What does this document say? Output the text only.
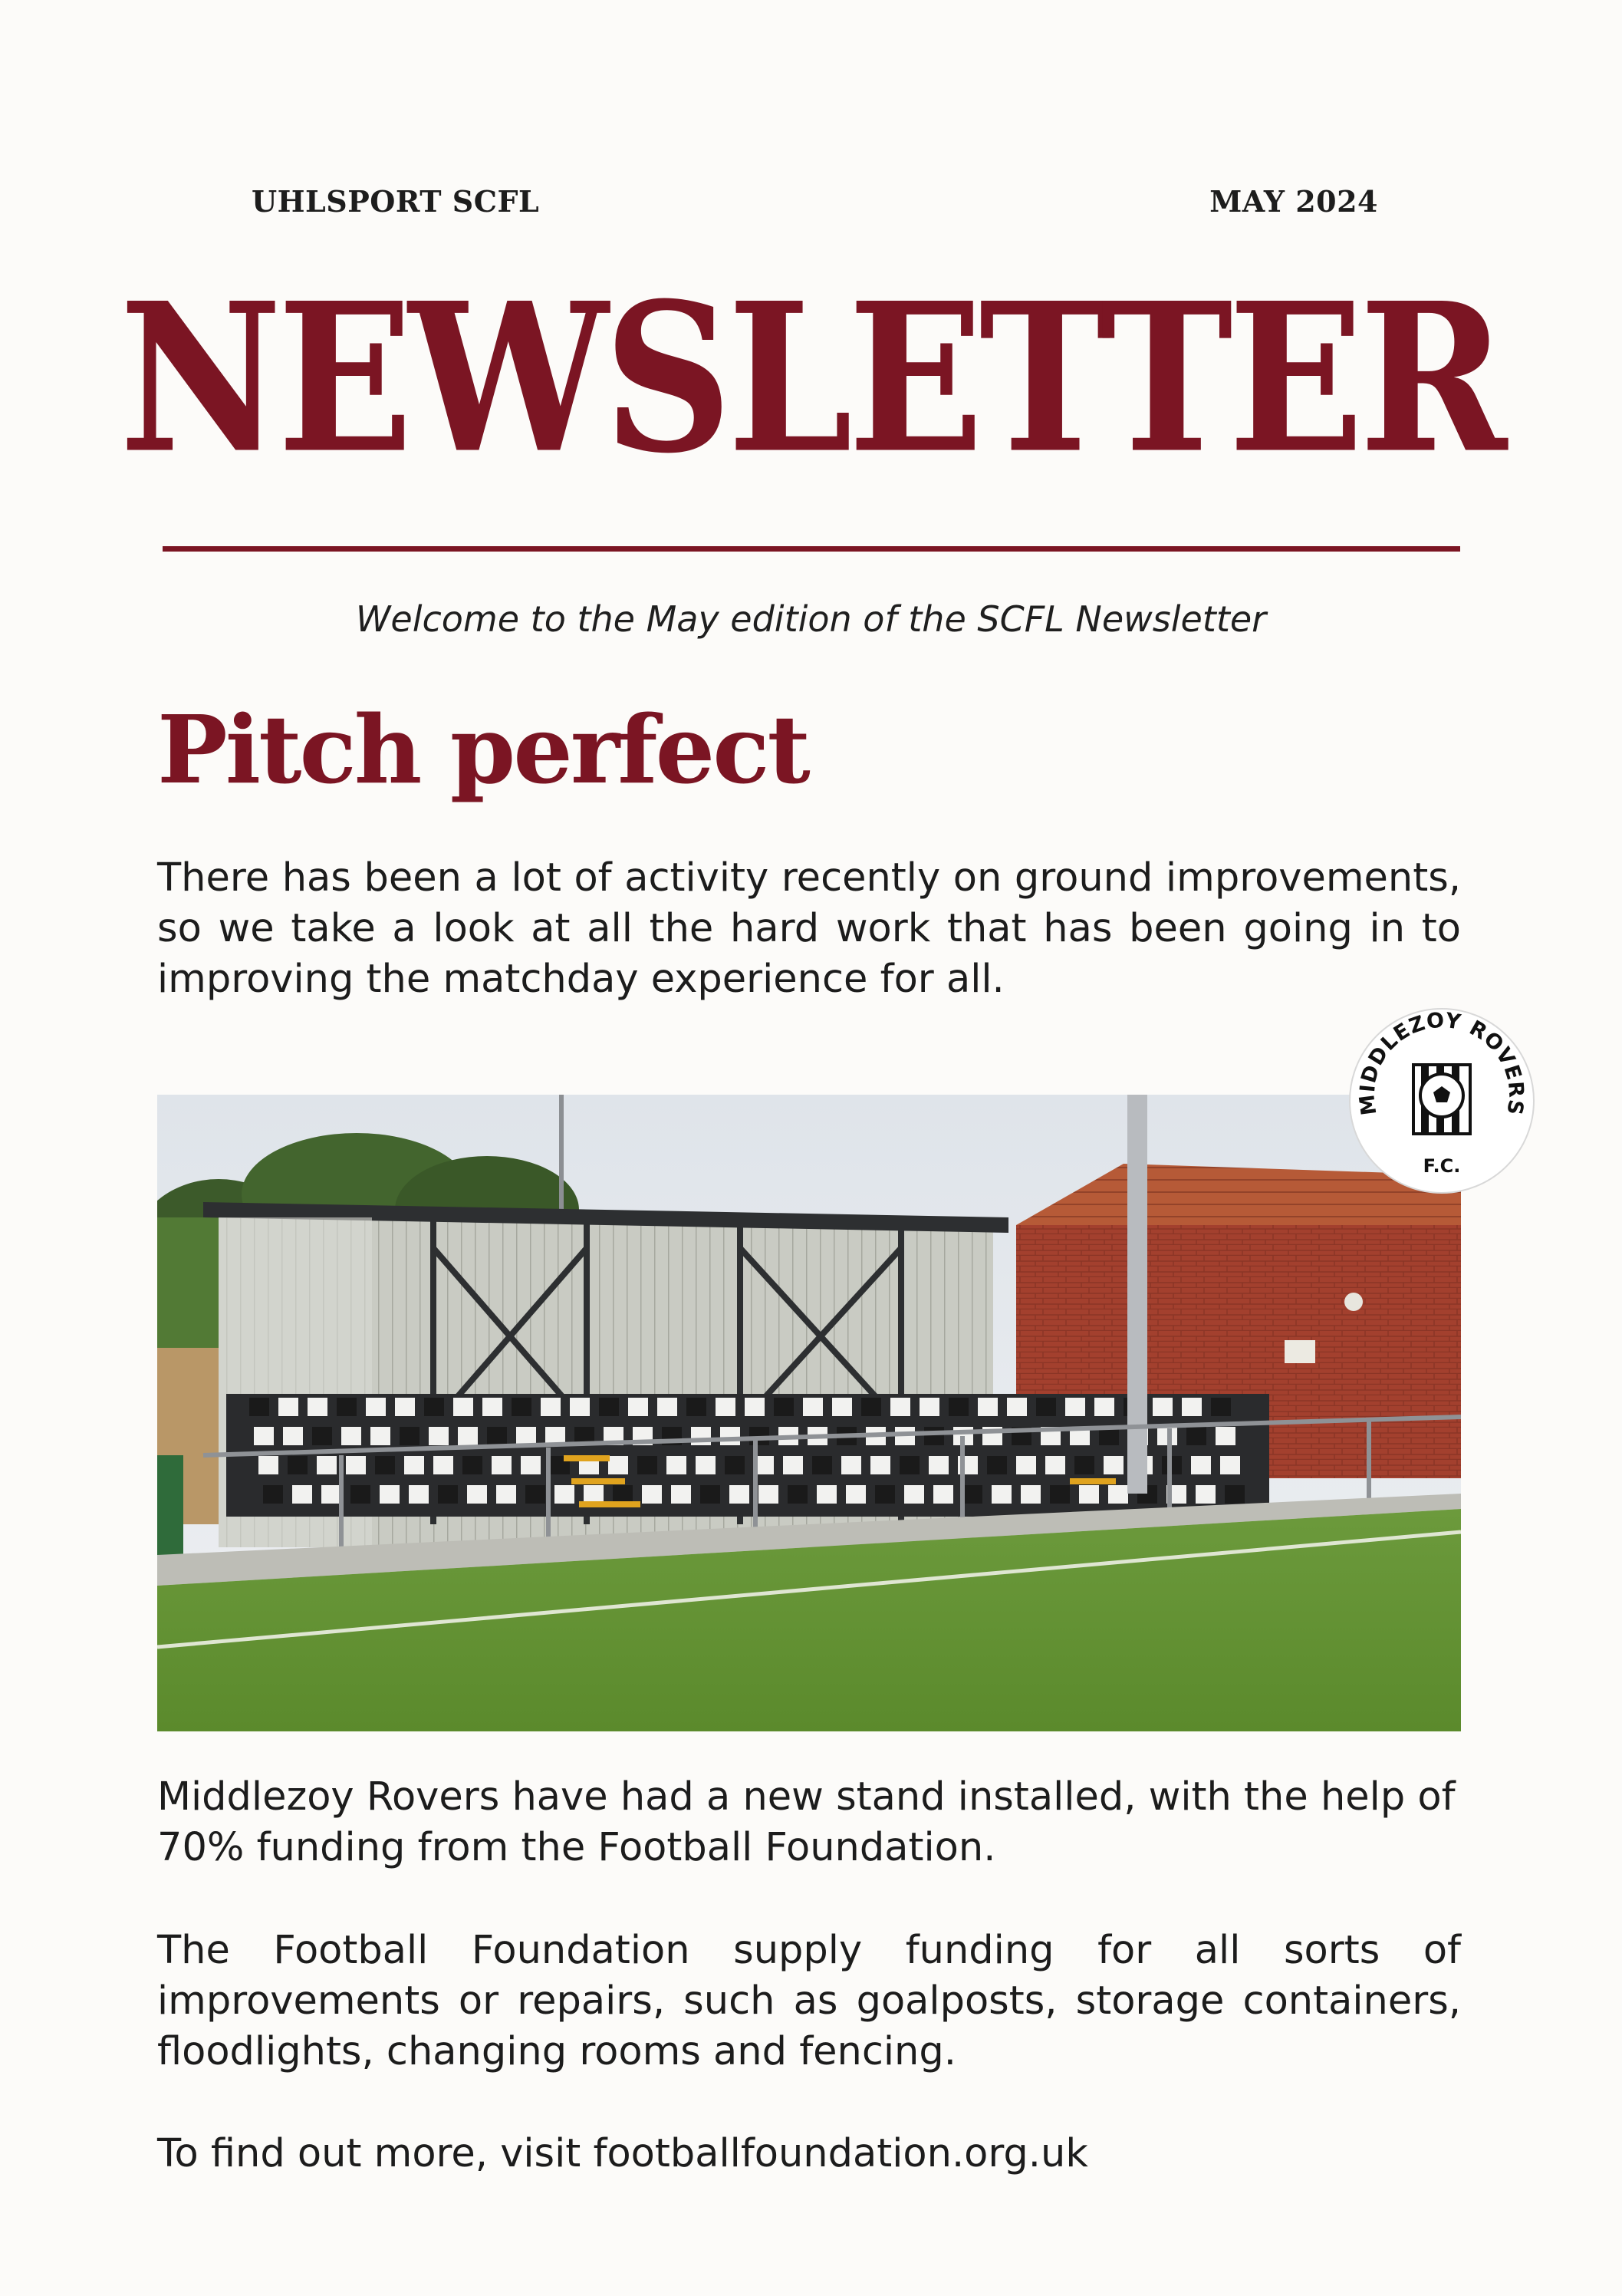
UHLSPORT SCFL	MAY 2024
NEWSLETTER
Welcome to the May edition of the SCFL Newsletter
Pitch perfect

There has been a lot of activity recently on ground improvements, so we take a look at all the hard work that has been going in to improving the matchday experience for all.

MIDDLEZOY ROVERS
F.C.

Middlezoy Rovers have had a new stand installed, with the help of 70% funding from the Football Foundation.

The Football Foundation supply funding for all sorts of improvements or repairs, such as goalposts, storage containers, floodlights, changing rooms and fencing.

To find out more, visit footballfoundation.org.uk
